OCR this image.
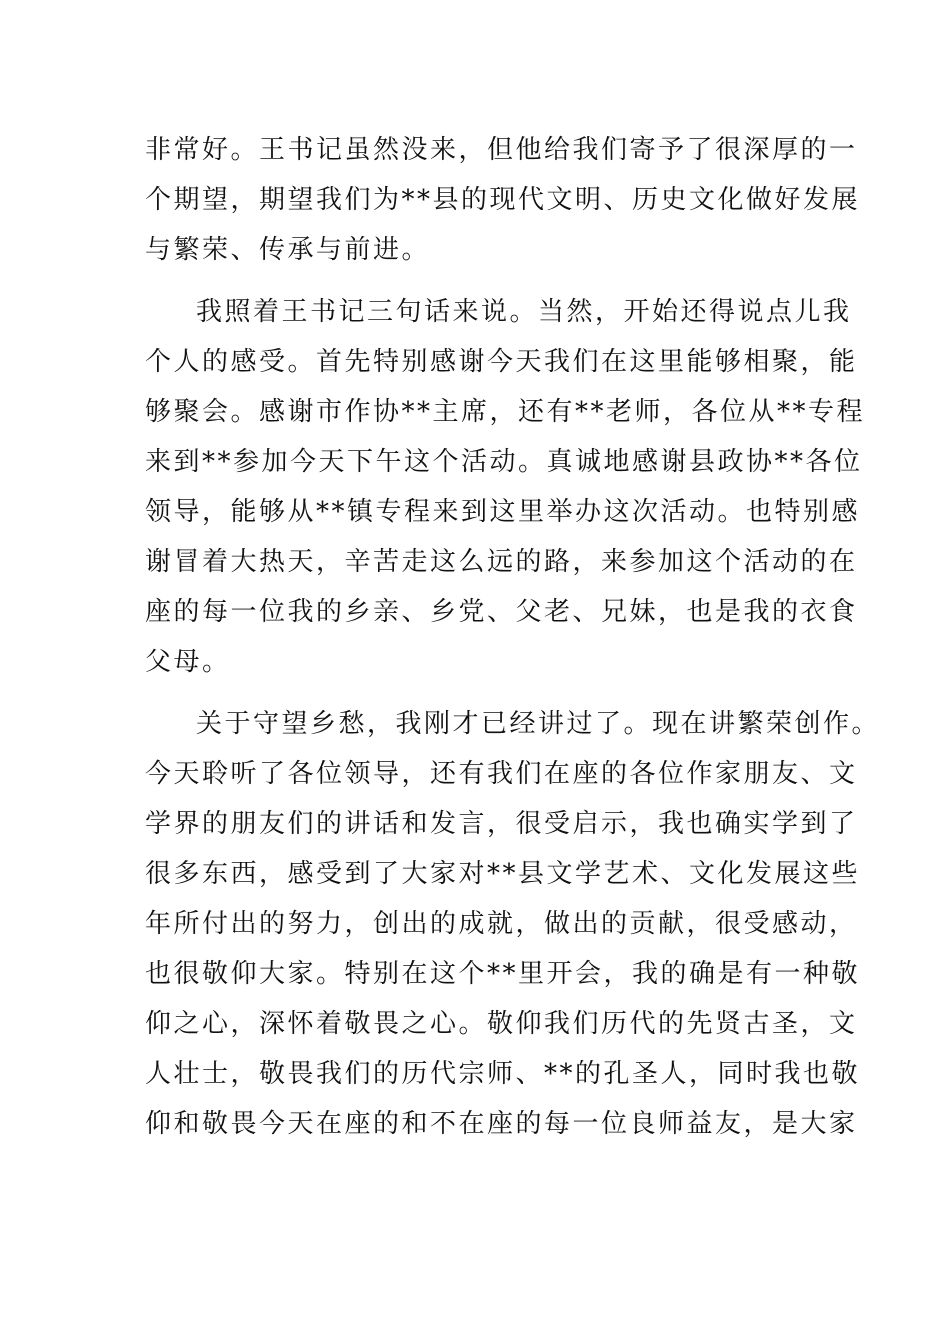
非常好。王书记虽然没来，但他给我们寄予了很深厚的一
个期望，期望我们为**县的现代文明、历史文化做好发展
与繁荣、传承与前进。
我照着王书记三句话来说。当然，开始还得说点儿我
个人的感受。首先特别感谢今天我们在这里能够相聚，能
够聚会。感谢市作协**主席，还有**老师，各位从**专程
来到**参加今天下午这个活动。真诚地感谢县政协**各位
领导，能够从**镇专程来到这里举办这次活动。也特别感
谢冒着大热天，辛苦走这么远的路，来参加这个活动的在
座的每一位我的乡亲、乡党、父老、兄妹，也是我的衣食
父母。
关于守望乡愁，我刚才已经讲过了。现在讲繁荣创作。
今天聆听了各位领导，还有我们在座的各位作家朋友、文
学界的朋友们的讲话和发言，很受启示，我也确实学到了
很多东西，感受到了大家对**县文学艺术、文化发展这些
年所付出的努力，创出的成就，做出的贡献，很受感动，
也很敬仰大家。特别在这个**里开会，我的确是有一种敬
仰之心，深怀着敬畏之心。敬仰我们历代的先贤古圣，文
人壮士，敬畏我们的历代宗师、**的孔圣人，同时我也敬
仰和敬畏今天在座的和不在座的每一位良师益友，是大家
